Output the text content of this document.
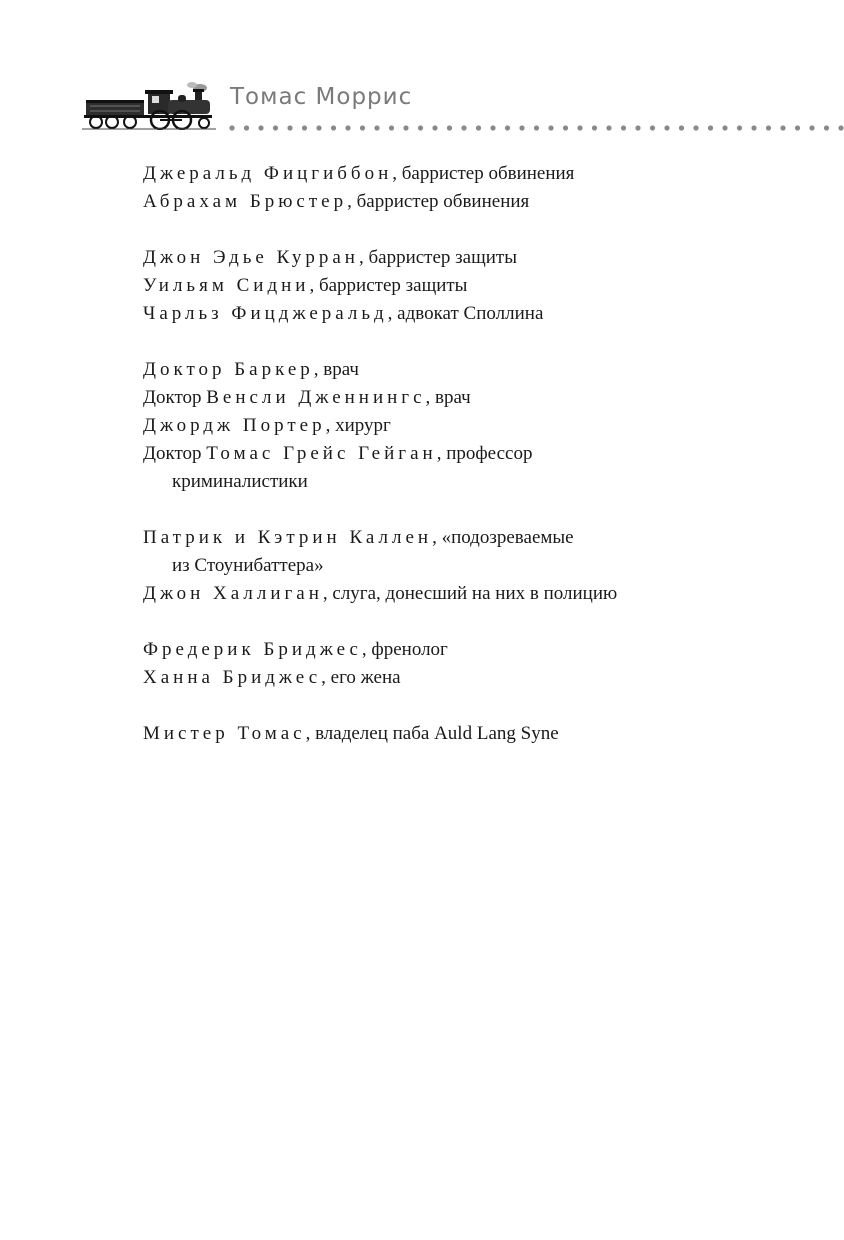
Томас Моррис
Джеральд Фицгиббон, барристер обвинения
Абрахам Брюстер, барристер обвинения
Джон Эдье Курран, барристер защиты
Уильям Сидни, барристер защиты
Чарльз Фицджеральд, адвокат Споллина
Доктор Баркер, врач
Доктор Венсли Дженнингс, врач
Джордж Портер, хирург
Доктор Томас Грейс Гейган, профессор
криминалистики
Патрик и Кэтрин Каллен, «подозреваемые
из Стоунибаттера»
Джон Халлиган, слуга, донесший на них в полицию
Фредерик Бриджес, френолог
Ханна Бриджес, его жена
Мистер Томас, владелец паба Auld Lang Syne
